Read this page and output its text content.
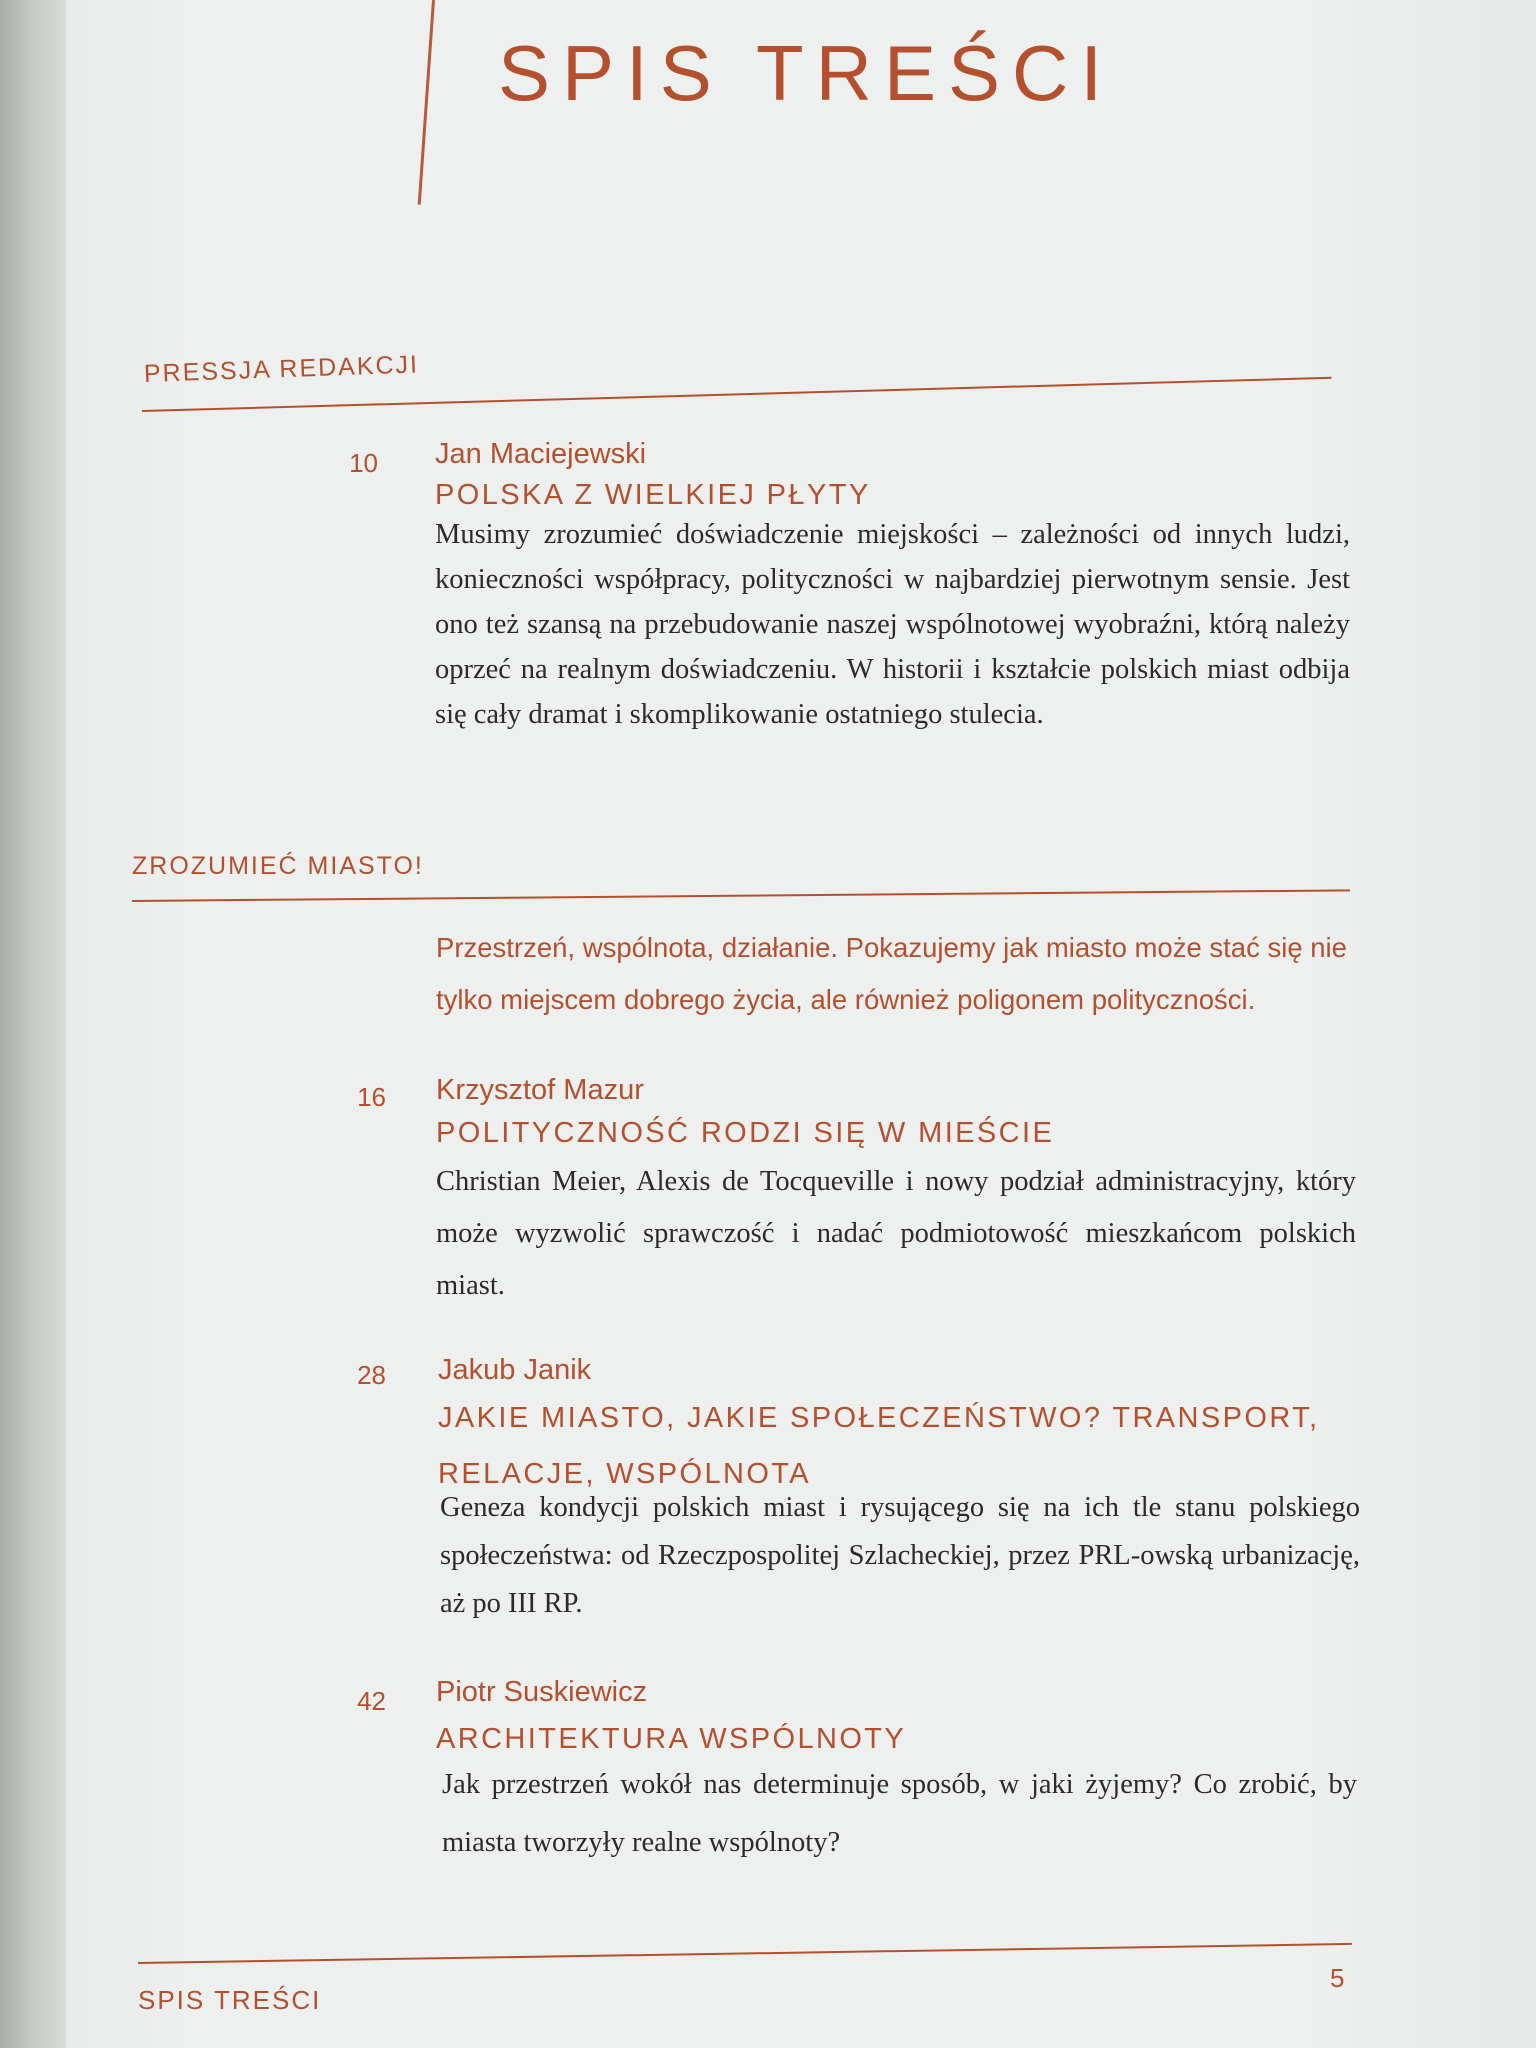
SPIS TREŚCI
PRESSJA REDAKCJI
10 Jan Maciejewski
POLSKA Z WIELKIEJ PŁYTY
Musimy zrozumieć doświadczenie miejskości – zależności od innych ludzi, konieczności współpracy, polityczności w najbardziej pierwotnym sensie. Jest ono też szansą na przebudowanie naszej wspólnotowej wyobraźni, którą należy oprzeć na realnym doświadczeniu. W historii i kształcie polskich miast odbija się cały dramat i skomplikowanie ostatniego stulecia.
ZROZUMIEĆ MIASTO!
Przestrzeń, wspólnota, działanie. Pokazujemy jak miasto może stać się nie tylko miejscem dobrego życia, ale również poligonem polityczności.
16 Krzysztof Mazur
POLITYCZNOŚĆ RODZI SIĘ W MIEŚCIE
Christian Meier, Alexis de Tocqueville i nowy podział administracyjny, który może wyzwolić sprawczość i nadać podmiotowość mieszkańcom polskich miast.
28 Jakub Janik
JAKIE MIASTO, JAKIE SPOŁECZEŃSTWO? TRANSPORT, RELACJE, WSPÓLNOTA
Geneza kondycji polskich miast i rysującego się na ich tle stanu polskiego społeczeństwa: od Rzeczpospolitej Szlacheckiej, przez PRL-owską urbanizację, aż po III RP.
42 Piotr Suskiewicz
ARCHITEKTURA WSPÓLNOTY
Jak przestrzeń wokół nas determinuje sposób, w jaki żyjemy? Co zrobić, by miasta tworzyły realne wspólnoty?
SPIS TREŚCI
5
